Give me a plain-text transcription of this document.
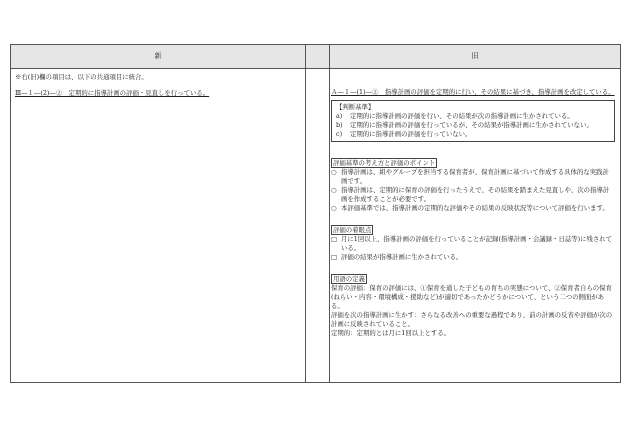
新	旧

※右(旧)欄の項目は、以下の共通項目に統合。

Ⅲ―１―(2)―②　定期的に指導計画の評価・見直しを行っている。	Ａ―１―(1)―②　指導計画の評価を定期的に行い、その結果に基づき、指導計画を改定している。

【判断基準】
a)	定期的に指導計画の評価を行い、その結果が次の指導計画に生かされている。
b)	定期的に指導計画の評価を行っているが、その結果が指導計画に生かされていない。
c)	定期的に指導計画の評価を行っていない。
評価基準の考え方と評価のポイント
○ 指導計画は、組やグループを担当する保育者が、保育計画に基づいて作成する具体的な実践計画です。
○ 指導計画は、定期的に保育の評価を行ったうえで、その結果を踏まえた見直しや、次の指導計画を作成することが必要です。
○ 本評価基準では、指導計画の定期的な評価やその結果の反映状況等について評価を行います。
評価の着眼点
□ 月に1回以上、指導計画の評価を行っていることが記録(指導計画・会議録・日誌等)に残されている。
□ 評価の結果が指導計画に生かされている。
用語の定義
保育の評価：保育の評価には、①保育を通した子どもの育ちの実態について、②保育者自らの保育(ねらい・内容・環境構成・援助など)が適切であったかどうかについて、という二つの側面がある。
評価を次の指導計画に生かす：さらなる改善への重要な過程であり、前の計画の反省や評価が次の計画に反映されていること。
定期的：定期的とは月に1回以上とする。
